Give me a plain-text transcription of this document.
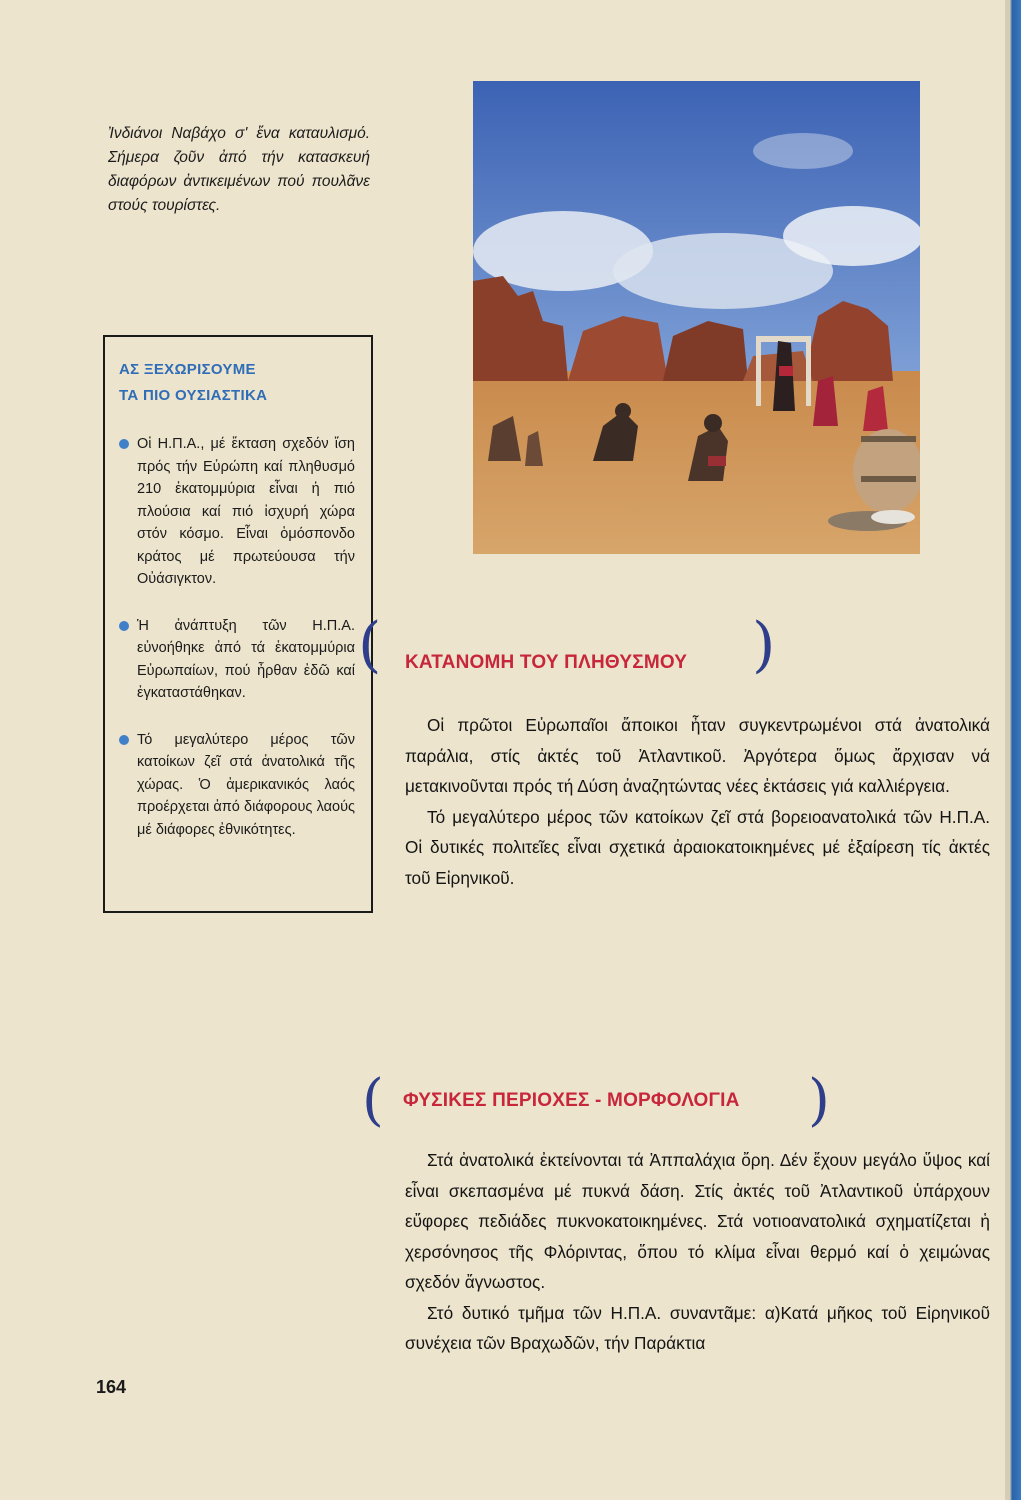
Ἰνδιάνοι Ναβάχο σ' ἕνα καταυλισμό. Σήμερα ζοῦν ἀπό τήν κατασκευή διαφόρων ἀντικειμένων πού πουλᾶνε στούς τουρίστες.
ΑΣ ΞΕΧΩΡΙΣΟΥΜΕ
ΤΑ ΠΙΟ ΟΥΣΙΑΣΤΙΚΑ
Οἱ Η.Π.Α., μέ ἔκταση σχεδόν ἴση πρός τήν Εὐρώπη καί πληθυσμό 210 ἑκατομμύρια εἶναι ἡ πιό πλούσια καί πιό ἰσχυρή χώρα στόν κόσμο. Εἶναι ὁμόσπονδο κράτος μέ πρωτεύουσα τήν Οὐάσιγκτον.
Ἡ ἀνάπτυξη τῶν Η.Π.Α. εὐνοήθηκε ἀπό τά ἑκατομμύρια Εὐρωπαίων, πού ἦρθαν ἐδῶ καί ἐγκαταστάθηκαν.
Τό μεγαλύτερο μέρος τῶν κατοίκων ζεῖ στά ἀνατολικά τῆς χώρας. Ὁ ἀμερικανικός λαός προέρχεται ἀπό διάφορους λαούς μέ διάφορες ἐθνικότητες.
(	)
ΚΑΤΑΝΟΜΗ ΤΟΥ ΠΛΗΘΥΣΜΟΥ

Οἱ πρῶτοι Εὐρωπαῖοι ἄποικοι ἦταν συγκεντρωμένοι στά ἀνατολικά παράλια, στίς ἀκτές τοῦ Ἀτλαντικοῦ. Ἀργότερα ὅμως ἄρχισαν νά μετακινοῦνται πρός τή Δύση ἀναζητώντας νέες ἐκτάσεις γιά καλλιέργεια.

Τό μεγαλύτερο μέρος τῶν κατοίκων ζεῖ στά βορειοανατολικά τῶν Η.Π.Α. Οἱ δυτικές πολιτεῖες εἶναι σχετικά ἀραιοκατοικημένες μέ ἐξαίρεση τίς ἀκτές τοῦ Εἰρηνικοῦ.

(	)
ΦΥΣΙΚΕΣ ΠΕΡΙΟΧΕΣ - ΜΟΡΦΟΛΟΓΙΑ

Στά ἀνατολικά ἐκτείνονται τά Ἀππαλάχια ὄρη. Δέν ἔχουν μεγάλο ὕψος καί εἶναι σκεπασμένα μέ πυκνά δάση. Στίς ἀκτές τοῦ Ἀτλαντικοῦ ὑπάρχουν εὔφορες πεδιάδες πυκνοκατοικημένες. Στά νοτιοανατολικά σχηματίζεται ἡ χερσόνησος τῆς Φλόριντας, ὅπου τό κλίμα εἶναι θερμό καί ὁ χειμώνας σχεδόν ἄγνωστος.

Στό δυτικό τμῆμα τῶν Η.Π.Α. συναντᾶμε: α)Κατά μῆκος τοῦ Εἰρηνικοῦ συνέχεια τῶν Βραχωδῶν, τήν Παράκτια

164
